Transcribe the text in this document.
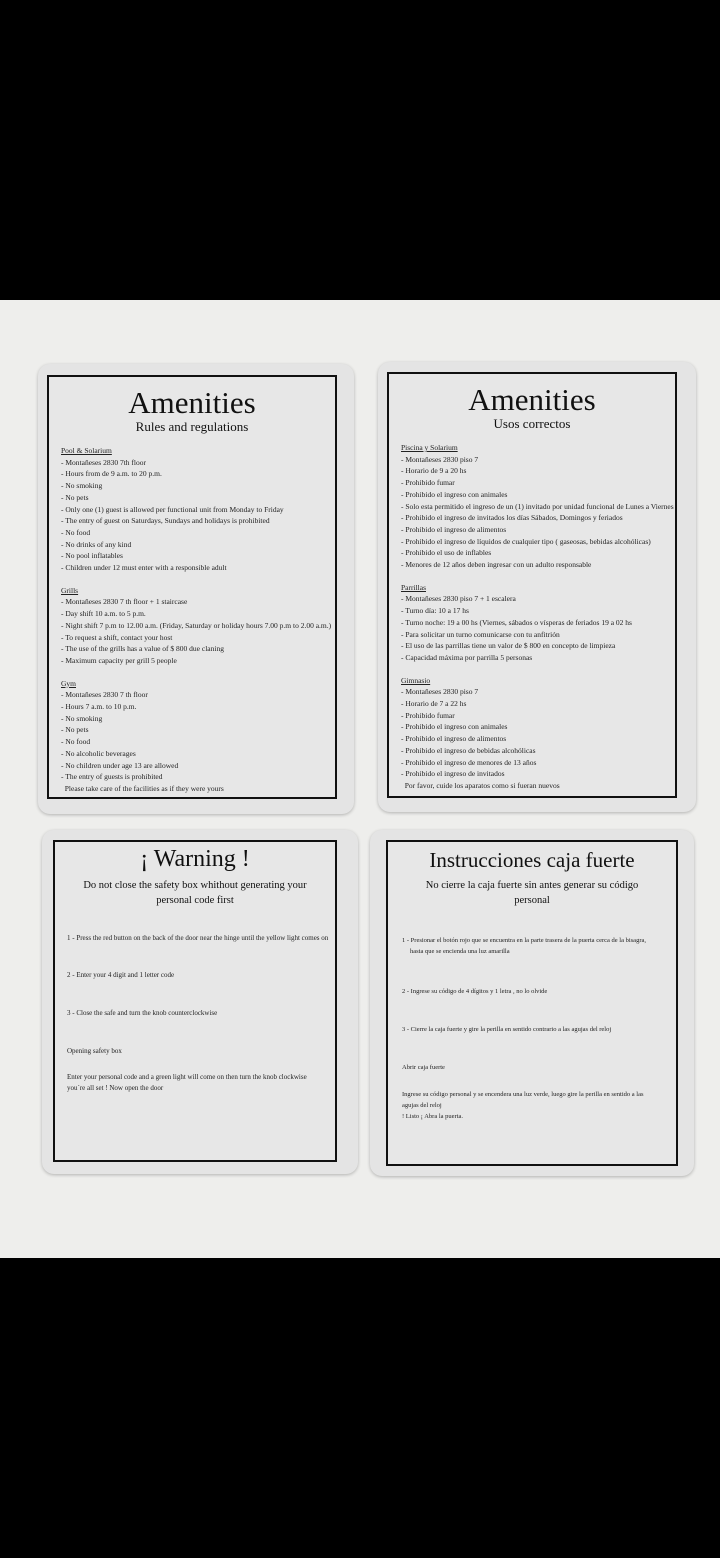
Amenities
Rules and regulations
Pool & Solarium
- Montañeses 2830 7th floor
- Hours from de 9 a.m. to 20 p.m.
- No smoking
- No pets
- Only one (1) guest is allowed per functional unit from Monday to Friday
- The entry of guest on Saturdays, Sundays and holidays is prohibited
- No food
- No drinks of any kind
- No pool inflatables
- Children under 12 must enter with a responsible adult
Grills
- Montañeses 2830 7 th floor + 1 staircase
- Day shift 10 a.m. to 5 p.m.
- Night shift 7 p.m to 12.00 a.m. (Friday, Saturday or holiday hours 7.00 p.m to 2.00 a.m.)
- To request a shift, contact your host
- The use of the grills has a value of $ 800 due claning
- Maximum capacity per grill 5 people
Gym
- Montañeses 2830 7 th floor
- Hours 7 a.m. to 10 p.m.
- No smoking
- No pets
- No food
- No alcoholic beverages
- No children under age 13 are allowed
- The entry of guests is prohibited
Please take care of the facilities as if they were yours
Amenities
Usos correctos
Piscina y Solarium
- Montañeses 2830 piso 7
- Horario de 9 a 20 hs
- Prohibido fumar
- Prohibido el ingreso con animales
- Solo esta permitido el ingreso de un (1) invitado por unidad funcional de Lunes a Viernes
- Prohibido el ingreso de invitados los días Sábados, Domingos y feriados
- Prohibido el ingreso de alimentos
- Prohibido el ingreso de líquidos de cualquier tipo ( gaseosas, bebidas alcohólicas)
- Prohibido el uso de inflables
- Menores de 12 años deben ingresar con un adulto responsable
Parrillas
- Montañeses 2830 piso 7 + 1 escalera
- Turno día: 10 a 17 hs
- Turno noche: 19 a 00 hs (Viernes, sábados o vísperas de feriados 19 a 02 hs
- Para solicitar un turno comunicarse con tu anfitrión
- El uso de las parrillas tiene un valor de $ 800 en concepto de limpieza
- Capacidad máxima por parrilla 5 personas
Gimnasio
- Montañeses 2830 piso 7
- Horario de 7 a 22 hs
- Prohibido fumar
- Prohibido el ingreso con animales
- Prohibido el ingreso de alimentos
- Prohibido el ingreso de bebidas alcohólicas
- Prohibido el ingreso de menores de 13 años
- Prohibido el ingreso de invitados
Por favor, cuide los aparatos como si fueran nuevos
¡ Warning !
Do not close the safety box whithout generating your
personal code first
1 - Press the red button on the back of the door near the hinge until the yellow light comes on
2 - Enter your 4 digit and 1 letter code
3 - Close the safe and turn the knob counterclockwise
Opening safety box
Enter your personal code and a green light will come on then turn the knob clockwise
you´re all set ! Now open the door
Instrucciones caja fuerte
No cierre la caja fuerte sin antes generar su código
personal
1 - Presionar el botón rojo que se encuentra en la parte trasera de la puerta cerca de la bisagra,
hasta que se encienda una luz amarilla
2 - Ingrese su código de 4 dígitos y 1 letra , no lo olvide
3 - Cierre la caja fuerte y gire la perilla en sentido contrario a las agujas del reloj
Abrir caja fuerte
Ingrese su código personal y se encendera una luz verde, luego gire la perilla en sentido a las
agujas del reloj
! Listo ¡ Abra la puerta.
